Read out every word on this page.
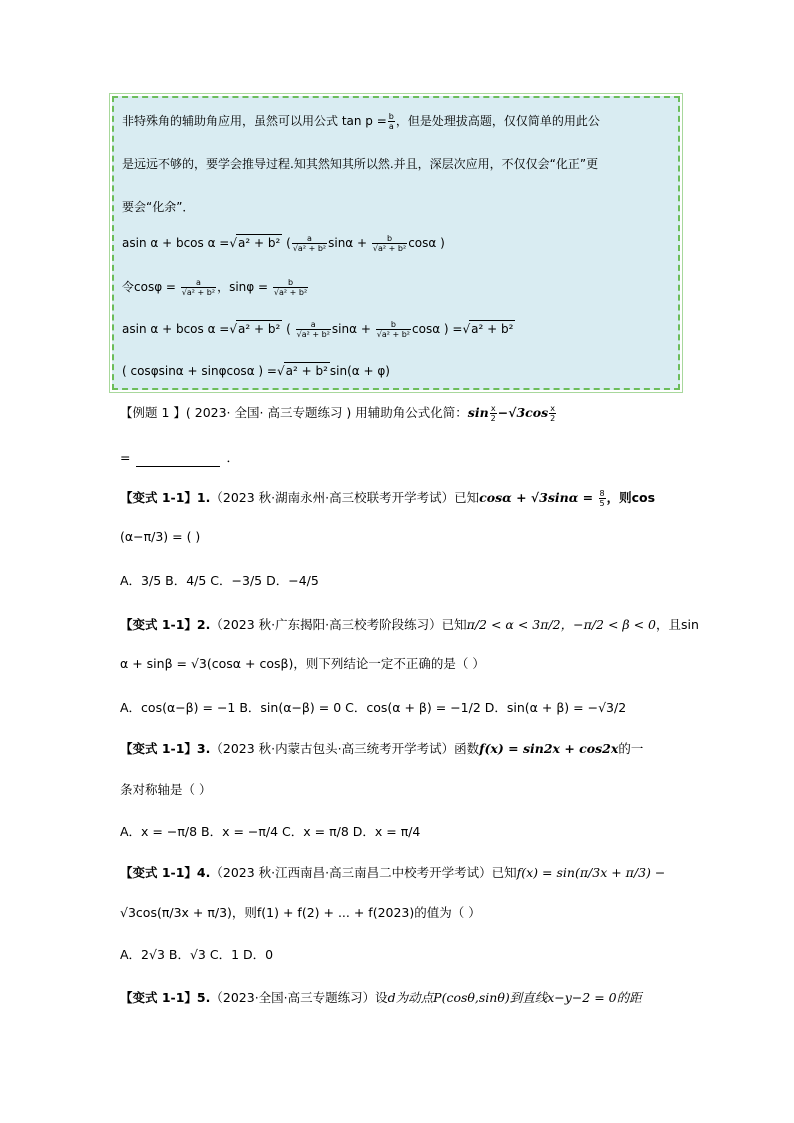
非特殊角的辅助角应用，虽然可以用公式 $\tan p = \frac{b}{a}$ ，但是处理拔高题，仅仅简单的用此公
是远远不够的，要学会推导过程.知其然知其所以然.并且，深层次应用，不仅仅会“化正”更
要会“化余”．
asin α + bcos α =√a² + b² ( $\frac{a}{\text{√a² + b²}}$ $\sin\alpha + \frac{b}{\text{√a² + b²}}$ cosα )
令$\cos\varphi = \frac{a}{\text{√a² + b²}}$ ，$\sin\varphi = \frac{b}{\text{√a² + b²}}$
asin α + bcos α =√a² + b² ( $\frac{a}{\text{√a² + b²}}$ $\sin\alpha + \frac{b}{\text{√a² + b²}}$ cosα ) =√a² + b²
( cosφsinα + sinφcosα ) =√a² + b² sin(α + φ)
【例题 1 】( 2023· 全国· 高三专题练习 ) 用辅助角公式化简：$\sin \frac{x}{2} -√3\cos \frac{x}{2}$
=	．
【变式 1-1】1.（2023 秋·湖南永州·高三校联考开学考试）已知$\cos\alpha + √3\sin\alpha = \frac{8}{5}$ ，则cos
(α−π/3) = ( )
A．3/5 B．4/5 C．−3/5 D．−4/5
【变式 1-1】2.（2023 秋·广东揭阳·高三校考阶段练习）已知π/2 < α < 3π/2，−π/2 < β < 0，且sin
α + sinβ = √3(cosα + cosβ)，则下列结论一定不正确的是（ ）
A．cos(α−β) = −1 B．sin(α−β) = 0 C．cos(α + β) = −1/2 D．sin(α + β) = −√3/2
【变式 1-1】3.（2023 秋·内蒙古包头·高三统考开学考试）函数f(x) = sin2x + cos2x的一
条对称轴是（ ）
A．x = −π/8 B．x = −π/4 C．x = π/8 D．x = π/4
【变式 1-1】4.（2023 秋·江西南昌·高三南昌二中校考开学考试）已知f(x) = sin(π/3x + π/3) −
√3cos(π/3x + π/3)，则f(1) + f(2) + ... + f(2023)的值为（ ）
A．2√3 B．√3 C．1 D．0
【变式 1-1】5.（2023·全国·高三专题练习）设d为动点P(cosθ,sinθ)到直线x−y−2 = 0的距
